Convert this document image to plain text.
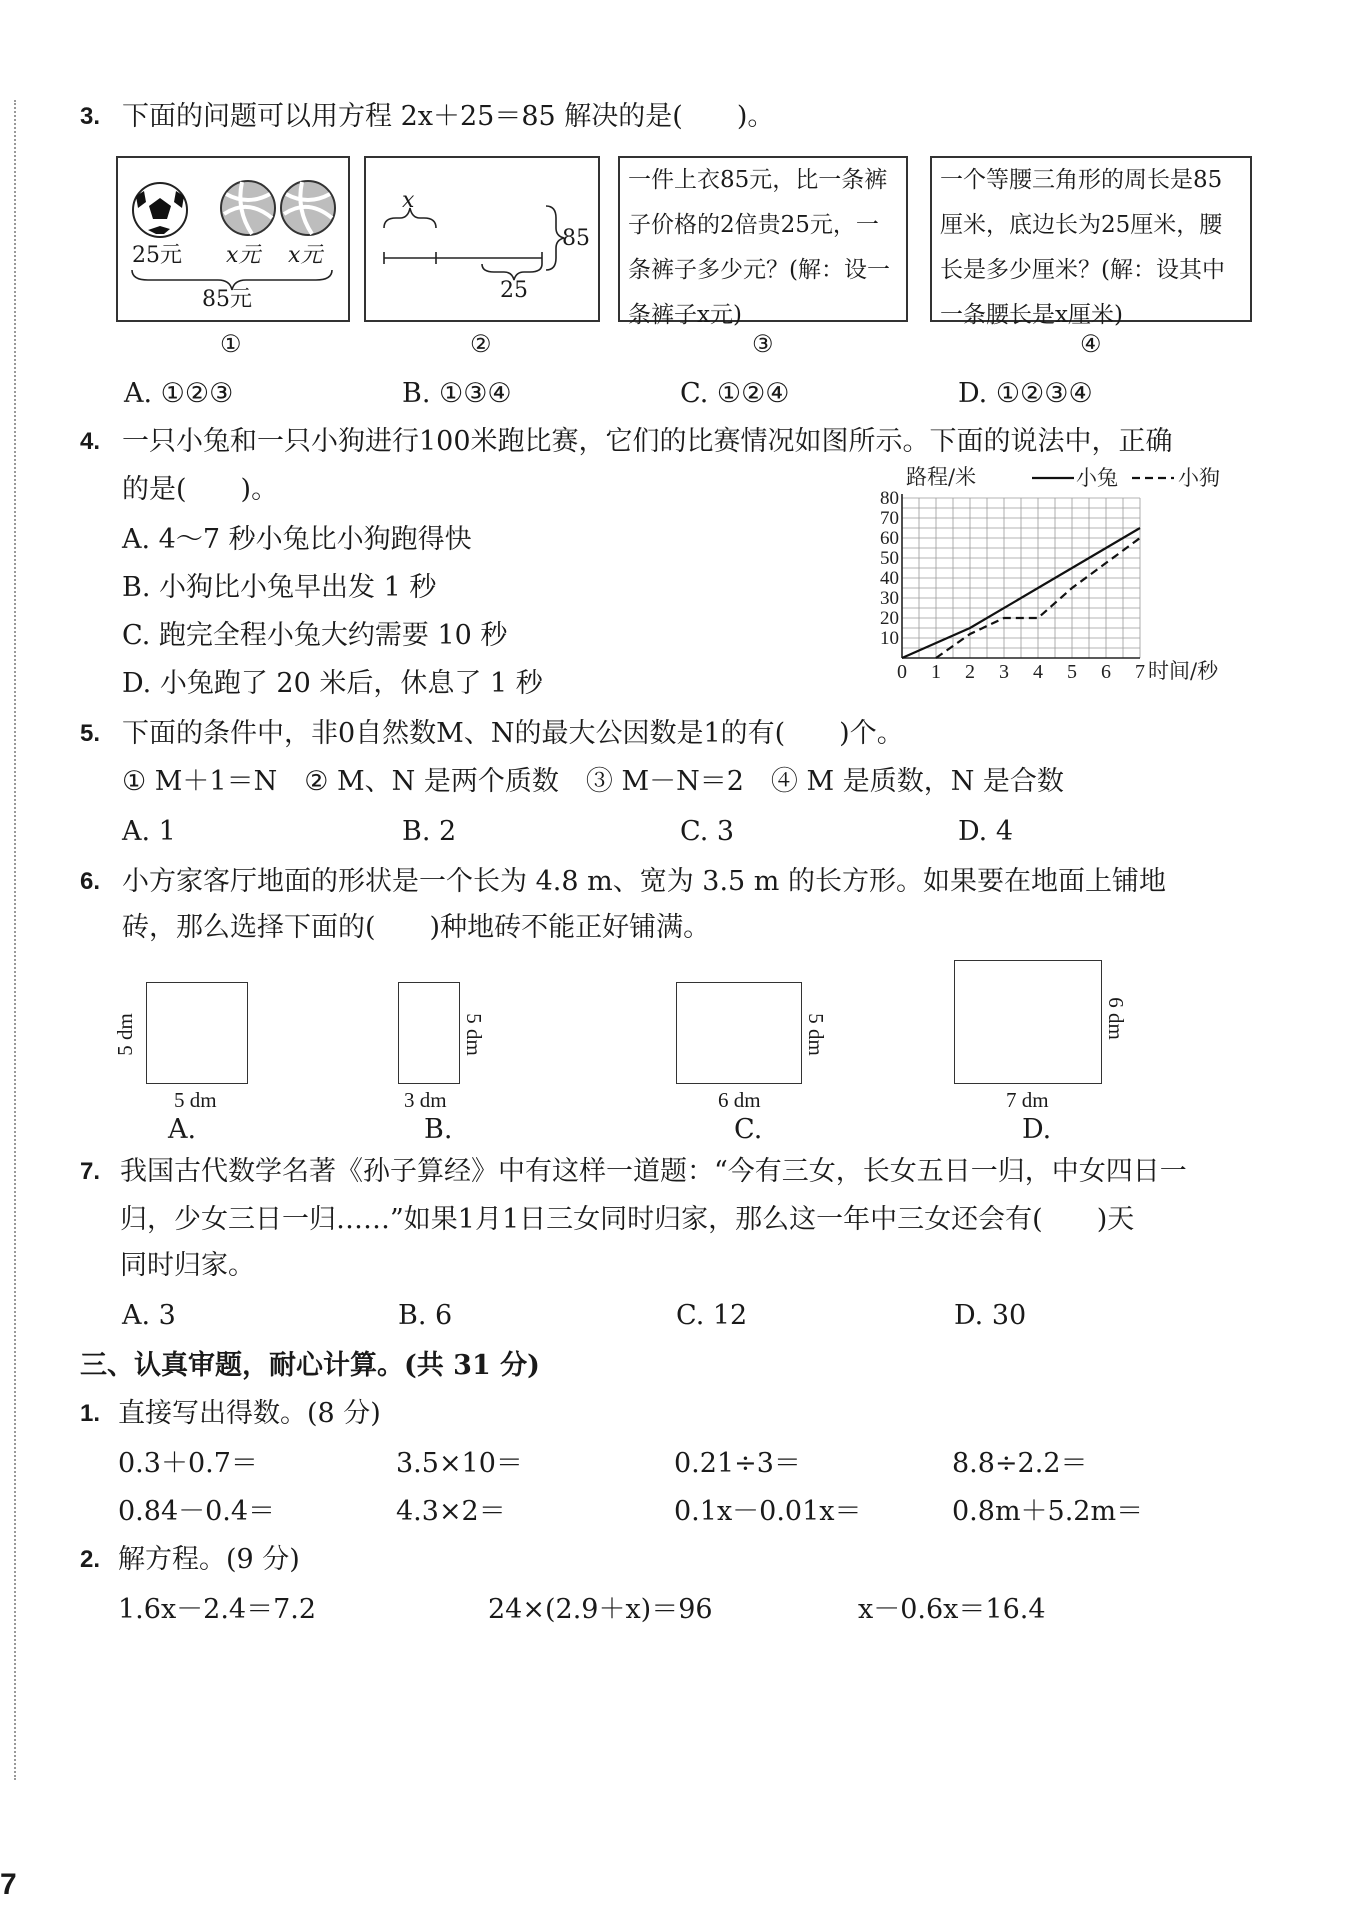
3. 下面的问题可以用方程 2x＋25＝85 解决的是(　　)。
25元 x元 x元
85元
x
85
25
一件上衣85元，比一条裤子价格的2倍贵25元，一条裤子多少元？(解：设一条裤子x元)
一个等腰三角形的周长是85厘米，底边长为25厘米，腰长是多少厘米？(解：设其中一条腰长是x厘米)
①	②	③	④
A. ①②③	B. ①③④	C. ①②④	D. ①②③④
4. 一只小兔和一只小狗进行100米跑比赛，它们的比赛情况如图所示。下面的说法中，正确
的是(　　)。
A. 4～7 秒小兔比小狗跑得快
B. 小狗比小兔早出发 1 秒
C. 跑完全程小兔大约需要 10 秒
D. 小兔跑了 20 米后，休息了 1 秒	0 1 2 3 4 5 6 7
10
20
30
40
50
60
70
80
路程/米
时间/秒
小兔	小狗
5. 下面的条件中，非0自然数M、N的最大公因数是1的有(　　)个。
① M＋1＝N　② M、N 是两个质数　③ M－N＝2　④ M 是质数，N 是合数
A. 1	B. 2	C. 3	D. 4
6. 小方家客厅地面的形状是一个长为 4.8 m、宽为 3.5 m 的长方形。如果要在地面上铺地
砖，那么选择下面的(　　)种地砖不能正好铺满。
5 dm
5 dm
A.
5 dm
3 dm
B.
5 dm
6 dm
C.
6 dm
7 dm
D.
7. 我国古代数学名著《孙子算经》中有这样一道题：“今有三女，长女五日一归，中女四日一
归，少女三日一归……”如果1月1日三女同时归家，那么这一年中三女还会有(　　)天
同时归家。
A. 3	B. 6	C. 12	D. 30
三、认真审题，耐心计算。(共 31 分)
1. 直接写出得数。(8 分)
0.3＋0.7＝	3.5×10＝	0.21÷3＝	8.8÷2.2＝
0.84－0.4＝	4.3×2＝	0.1x－0.01x＝	0.8m＋5.2m＝
2. 解方程。(9 分)
1.6x－2.4＝7.2	24×(2.9＋x)＝96	x－0.6x＝16.4
7
